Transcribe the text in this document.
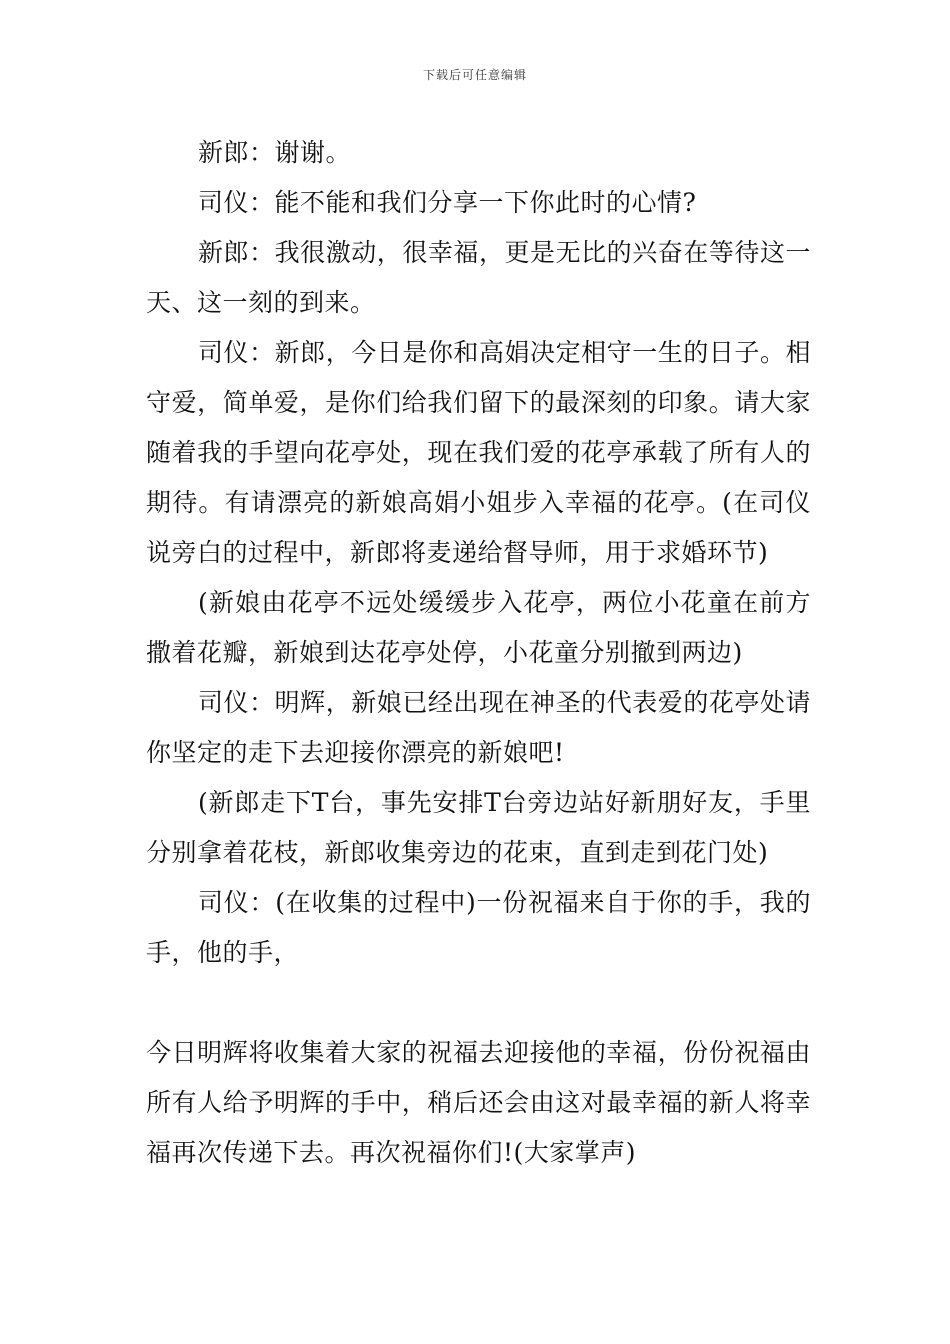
下载后可任意编辑

新郎：谢谢。

司仪：能不能和我们分享一下你此时的心情?

新郎：我很激动，很幸福，更是无比的兴奋在等待这一天、这一刻的到来。

司仪：新郎，今日是你和高娟决定相守一生的日子。相守爱，简单爱，是你们给我们留下的最深刻的印象。请大家随着我的手望向花亭处，现在我们爱的花亭承载了所有人的期待。有请漂亮的新娘高娟小姐步入幸福的花亭。(在司仪说旁白的过程中，新郎将麦递给督导师，用于求婚环节)

(新娘由花亭不远处缓缓步入花亭，两位小花童在前方撒着花瓣，新娘到达花亭处停，小花童分别撤到两边)

司仪：明辉，新娘已经出现在神圣的代表爱的花亭处请你坚定的走下去迎接你漂亮的新娘吧!

(新郎走下T台，事先安排T台旁边站好新朋好友，手里分别拿着花枝，新郎收集旁边的花束，直到走到花门处)

司仪：(在收集的过程中)一份祝福来自于你的手，我的手，他的手，

今日明辉将收集着大家的祝福去迎接他的幸福，份份祝福由所有人给予明辉的手中，稍后还会由这对最幸福的新人将幸福再次传递下去。再次祝福你们!(大家掌声)
